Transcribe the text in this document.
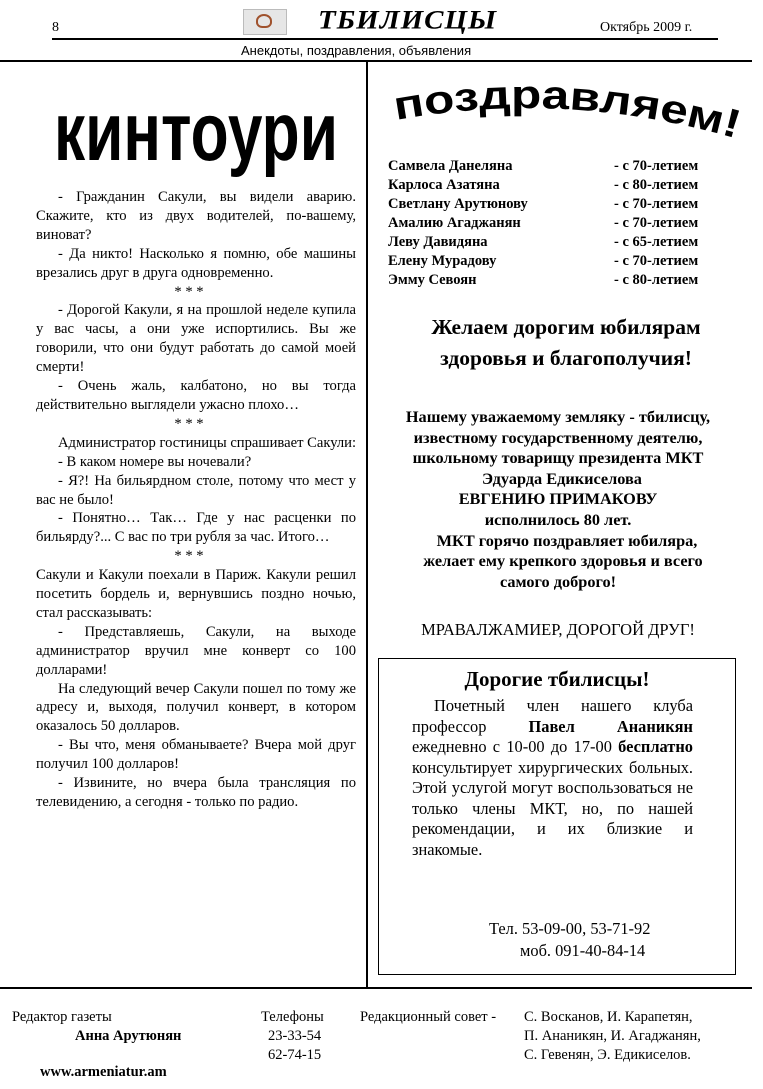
8	ТБИЛИСЦЫ	Октябрь 2009 г.
Анекдоты, поздравления, объявления
кинтоури

- Гражданин Сакули, вы видели аварию. Скажите, кто из двух водителей, по-вашему, виноват?

- Да никто! Насколько я помню, обе машины врезались друг в друга одновременно.

* * *

- Дорогой Какули, я на прошлой неделе купила у вас часы, а они уже испортились. Вы же говорили, что они будут работать до самой моей смерти!

- Очень жаль, калбатоно, но вы тогда действительно выглядели ужасно плохо…

* * *

Администратор гостиницы спрашивает Сакули:

- В каком номере вы ночевали?

- Я?! На бильярдном столе, потому что мест у вас не было!

- Понятно… Так… Где у нас расценки по бильярду?... С вас по три рубля за час. Итого…

* * *

Сакули и Какули поехали в Париж. Какули решил посетить бордель и, вернувшись поздно ночью, стал рассказывать:

- Представляешь, Сакули, на выходе администратор вручил мне конверт со 100 долларами!

На следующий вечер Сакули пошел по тому же адресу и, выходя, получил конверт, в котором оказалось 50 долларов.

- Вы что, меня обманываете? Вчера мой друг получил 100 долларов!

- Извините, но вчера была трансляция по телевидению, а сегодня - только по радио.

поздравляем!
Самвела Данеляна	- с 70-летием
Карлоса Азатяна	- с 80-летием
Светлану Арутюнову	- с 70-летием
Амалию Агаджанян	- с 70-летием
Леву Давидяна	- с 65-летием
Елену Мурадову	- с 70-летием
Эмму Севоян	- с 80-летием
Желаем дорогим юбилярам
здоровья и благополучия!
Нашему уважаемому земляку - тбилисцу,
известному государственному деятелю,
школьному товарищу президента МКТ
Эдуарда Едикиселова
ЕВГЕНИЮ ПРИМАКОВУ
исполнилось 80 лет.
МКТ горячо поздравляет юбиляра,
желает ему крепкого здоровья и всего
самого доброго!
МРАВАЛЖАМИЕР, ДОРОГОЙ ДРУГ!
Дорогие тбилисцы!
Почетный член нашего клуба профессор Павел Ананикян ежедневно с 10-00 до 17-00 бесплатно консультирует хирургических больных. Этой услугой могут воспользоваться не только члены МКТ, но, по нашей рекомендации, и их близкие и знакомые.
Тел. 53-09-00, 53-71-92
моб. 091-40-84-14
Редактор газеты
Анна Арутюнян
Телефоны
23-33-54
62-74-15
Редакционный совет - С. Восканов, И. Карапетян,
П. Ананикян, И. Агаджанян,
С. Гевенян, Э. Едикиселов.
www.armeniatur.am
